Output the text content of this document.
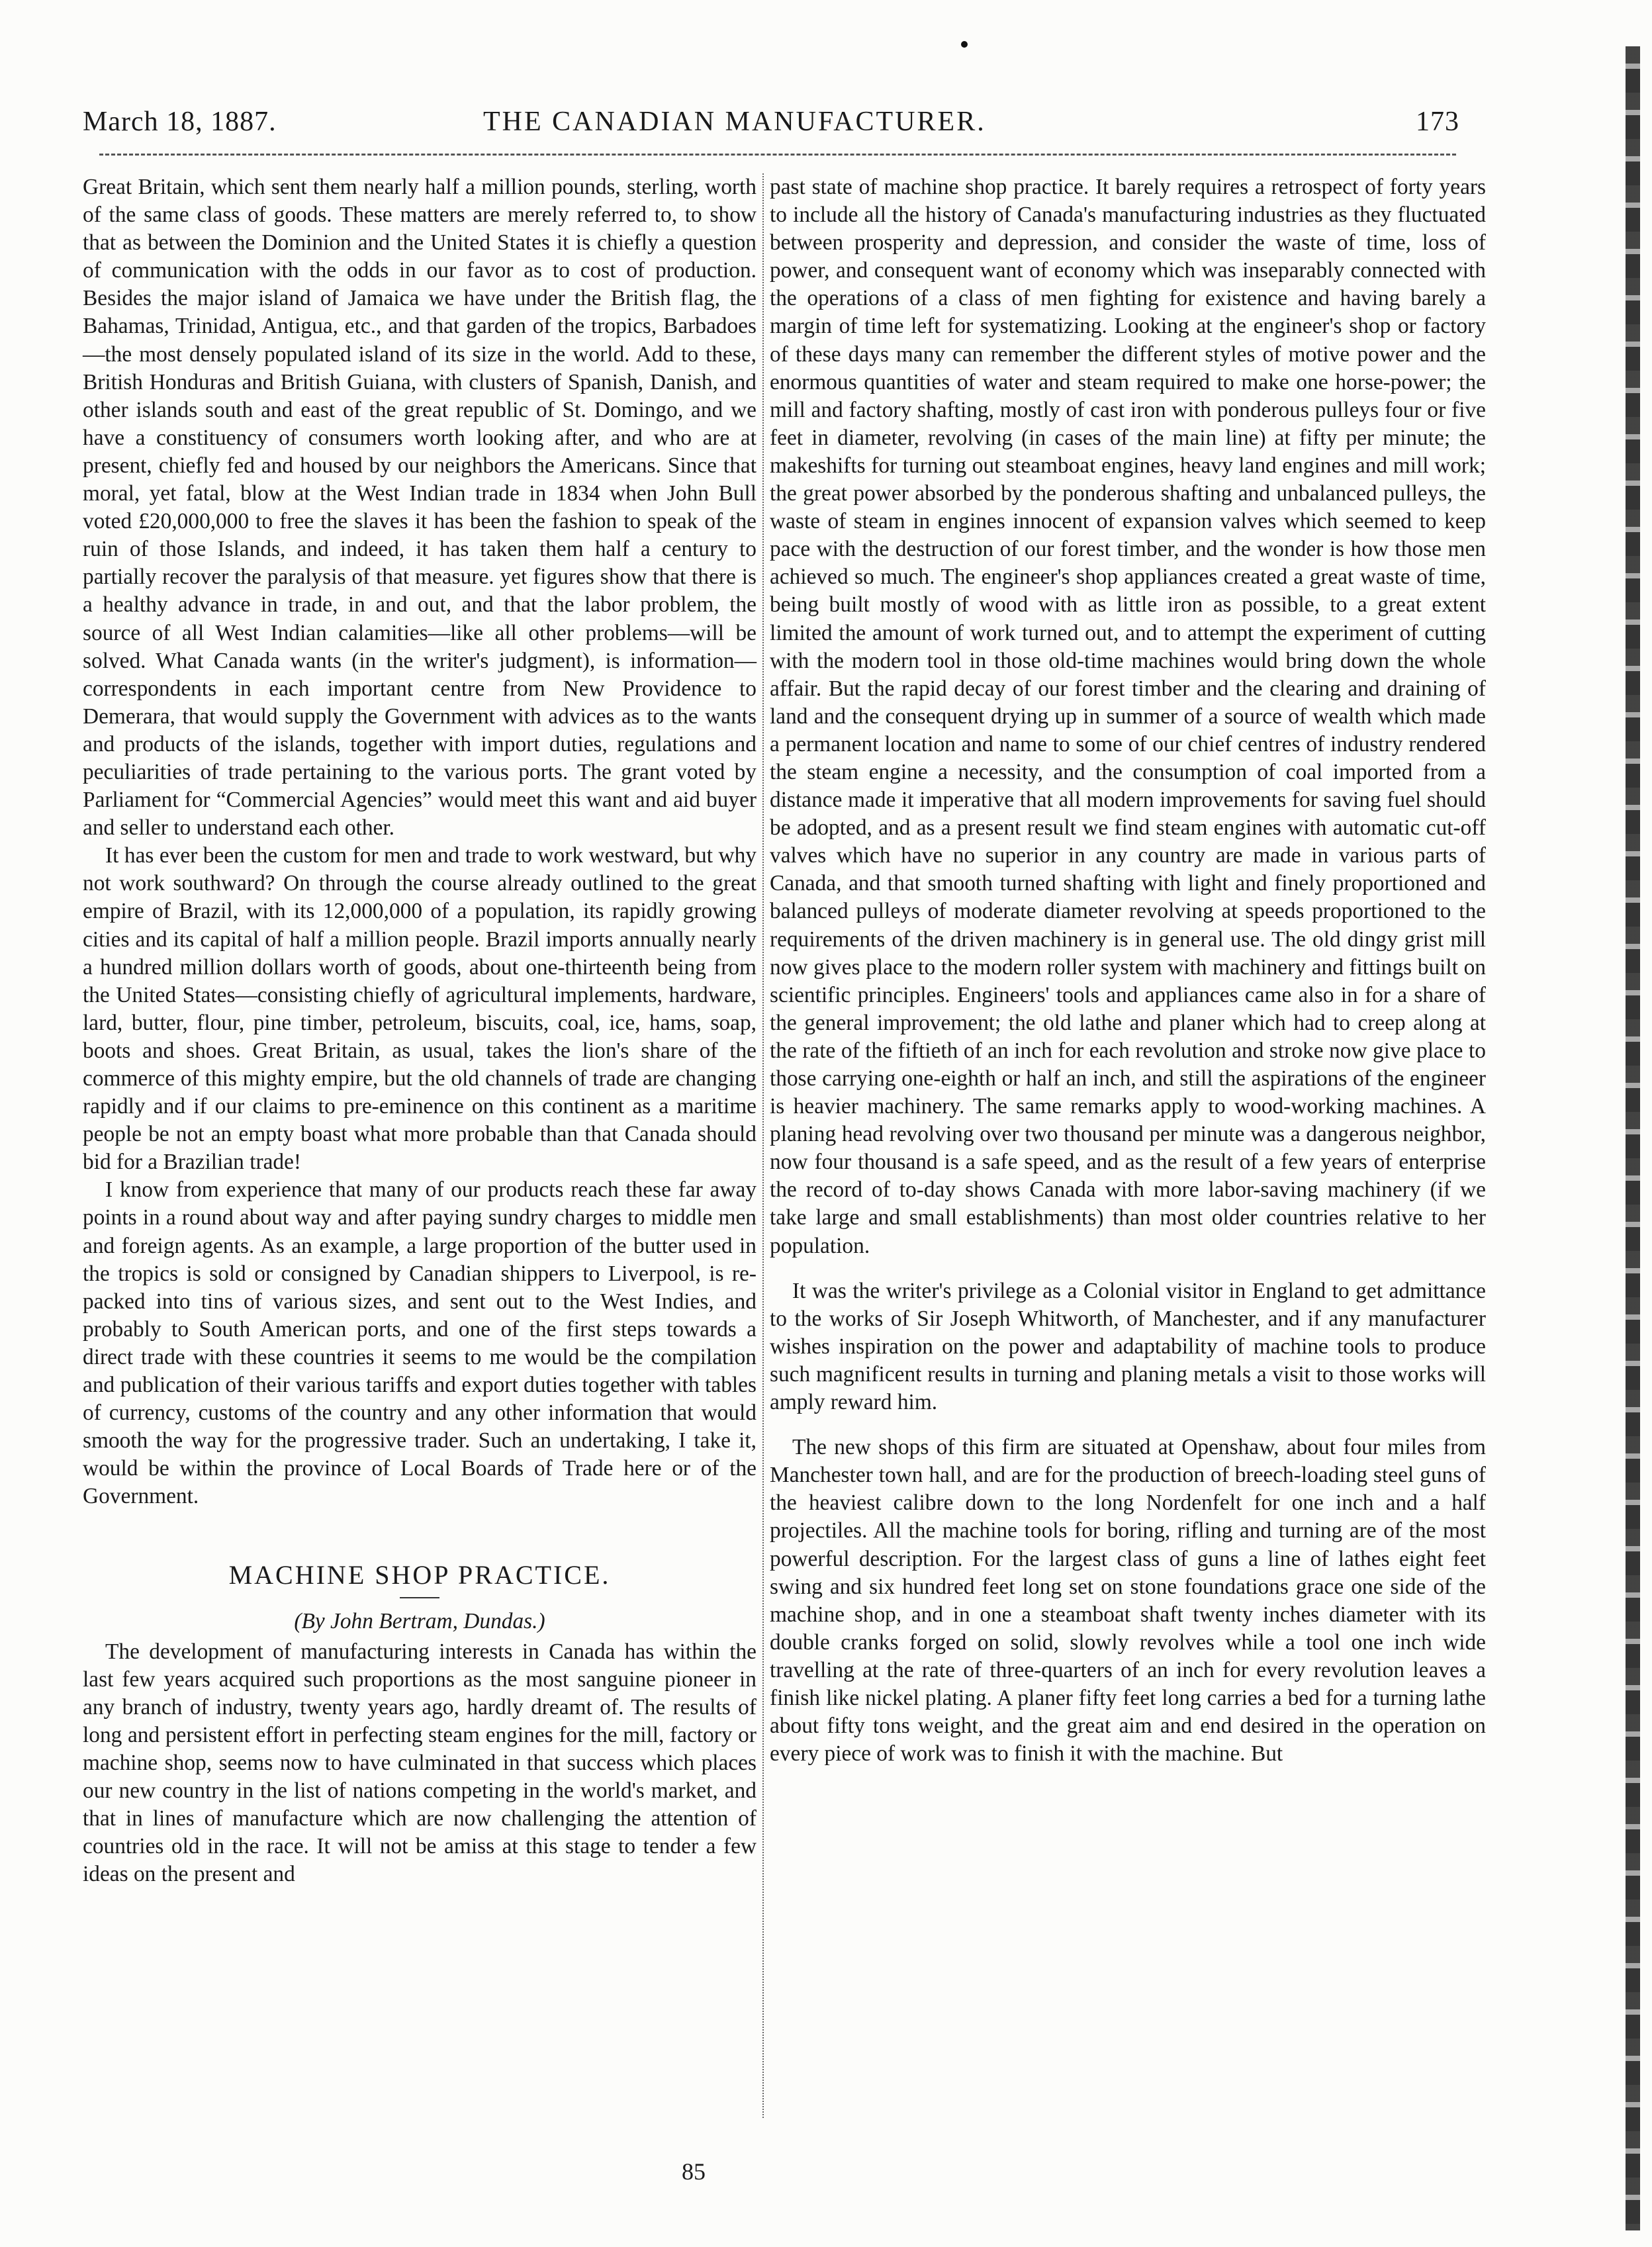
March 18, 1887.	THE CANADIAN MANUFACTURER.	173

Great Britain, which sent them nearly half a million pounds, sterling, worth of the same class of goods. These matters are merely referred to, to show that as between the Dominion and the United States it is chiefly a question of communication with the odds in our favor as to cost of production. Besides the major island of Jamaica we have under the British flag, the Bahamas, Trinidad, Antigua, etc., and that garden of the tropics, Barbadoes—the most densely populated island of its size in the world. Add to these, British Honduras and British Guiana, with clusters of Spanish, Danish, and other islands south and east of the great republic of St. Domingo, and we have a constituency of consumers worth looking after, and who are at present, chiefly fed and housed by our neighbors the Americans. Since that moral, yet fatal, blow at the West Indian trade in 1834 when John Bull voted £20,000,000 to free the slaves it has been the fashion to speak of the ruin of those Islands, and indeed, it has taken them half a century to partially recover the paralysis of that measure. yet figures show that there is a healthy advance in trade, in and out, and that the labor problem, the source of all West Indian calamities—like all other problems—will be solved. What Canada wants (in the writer's judgment), is information—correspondents in each important centre from New Providence to Demerara, that would supply the Government with advices as to the wants and products of the islands, together with import duties, regulations and peculiarities of trade pertaining to the various ports. The grant voted by Parliament for “Commercial Agencies” would meet this want and aid buyer and seller to understand each other.

It has ever been the custom for men and trade to work westward, but why not work southward? On through the course already outlined to the great empire of Brazil, with its 12,000,000 of a population, its rapidly growing cities and its capital of half a million people. Brazil imports annually nearly a hundred million dollars worth of goods, about one-thirteenth being from the United States—consisting chiefly of agricultural implements, hardware, lard, butter, flour, pine timber, petroleum, biscuits, coal, ice, hams, soap, boots and shoes. Great Britain, as usual, takes the lion's share of the commerce of this mighty empire, but the old channels of trade are changing rapidly and if our claims to pre-eminence on this continent as a maritime people be not an empty boast what more probable than that Canada should bid for a Brazilian trade!

I know from experience that many of our products reach these far away points in a round about way and after paying sundry charges to middle men and foreign agents. As an example, a large proportion of the butter used in the tropics is sold or consigned by Canadian shippers to Liverpool, is re-packed into tins of various sizes, and sent out to the West Indies, and probably to South American ports, and one of the first steps towards a direct trade with these countries it seems to me would be the compilation and publication of their various tariffs and export duties together with tables of currency, customs of the country and any other information that would smooth the way for the progressive trader. Such an undertaking, I take it, would be within the province of Local Boards of Trade here or of the Government.

MACHINE SHOP PRACTICE.
(By John Bertram, Dundas.)

The development of manufacturing interests in Canada has within the last few years acquired such proportions as the most sanguine pioneer in any branch of industry, twenty years ago, hardly dreamt of. The results of long and persistent effort in perfecting steam engines for the mill, factory or machine shop, seems now to have culminated in that success which places our new country in the list of nations competing in the world's market, and that in lines of manufacture which are now challenging the attention of countries old in the race. It will not be amiss at this stage to tender a few ideas on the present and

past state of machine shop practice. It barely requires a retrospect of forty years to include all the history of Canada's manufacturing industries as they fluctuated between prosperity and depression, and consider the waste of time, loss of power, and consequent want of economy which was inseparably connected with the operations of a class of men fighting for existence and having barely a margin of time left for systematizing. Looking at the engineer's shop or factory of these days many can remember the different styles of motive power and the enormous quantities of water and steam required to make one horse-power; the mill and factory shafting, mostly of cast iron with ponderous pulleys four or five feet in diameter, revolving (in cases of the main line) at fifty per minute; the makeshifts for turning out steamboat engines, heavy land engines and mill work; the great power absorbed by the ponderous shafting and unbalanced pulleys, the waste of steam in engines innocent of expansion valves which seemed to keep pace with the destruction of our forest timber, and the wonder is how those men achieved so much. The engineer's shop appliances created a great waste of time, being built mostly of wood with as little iron as possible, to a great extent limited the amount of work turned out, and to attempt the experiment of cutting with the modern tool in those old-time machines would bring down the whole affair. But the rapid decay of our forest timber and the clearing and draining of land and the consequent drying up in summer of a source of wealth which made a permanent location and name to some of our chief centres of industry rendered the steam engine a necessity, and the consumption of coal imported from a distance made it imperative that all modern improvements for saving fuel should be adopted, and as a present result we find steam engines with automatic cut-off valves which have no superior in any country are made in various parts of Canada, and that smooth turned shafting with light and finely proportioned and balanced pulleys of moderate diameter revolving at speeds proportioned to the requirements of the driven machinery is in general use. The old dingy grist mill now gives place to the modern roller system with machinery and fittings built on scientific principles. Engineers' tools and appliances came also in for a share of the general improvement; the old lathe and planer which had to creep along at the rate of the fiftieth of an inch for each revolution and stroke now give place to those carrying one-eighth or half an inch, and still the aspirations of the engineer is heavier machinery. The same remarks apply to wood-working machines. A planing head revolving over two thousand per minute was a dangerous neighbor, now four thousand is a safe speed, and as the result of a few years of enterprise the record of to-day shows Canada with more labor-saving machinery (if we take large and small establishments) than most older countries relative to her population.

It was the writer's privilege as a Colonial visitor in England to get admittance to the works of Sir Joseph Whitworth, of Manchester, and if any manufacturer wishes inspiration on the power and adaptability of machine tools to produce such magnificent results in turning and planing metals a visit to those works will amply reward him.

The new shops of this firm are situated at Openshaw, about four miles from Manchester town hall, and are for the production of breech-loading steel guns of the heaviest calibre down to the long Nordenfelt for one inch and a half projectiles. All the machine tools for boring, rifling and turning are of the most powerful description. For the largest class of guns a line of lathes eight feet swing and six hundred feet long set on stone foundations grace one side of the machine shop, and in one a steamboat shaft twenty inches diameter with its double cranks forged on solid, slowly revolves while a tool one inch wide travelling at the rate of three-quarters of an inch for every revolution leaves a finish like nickel plating. A planer fifty feet long carries a bed for a turning lathe about fifty tons weight, and the great aim and end desired in the operation on every piece of work was to finish it with the machine. But

85
